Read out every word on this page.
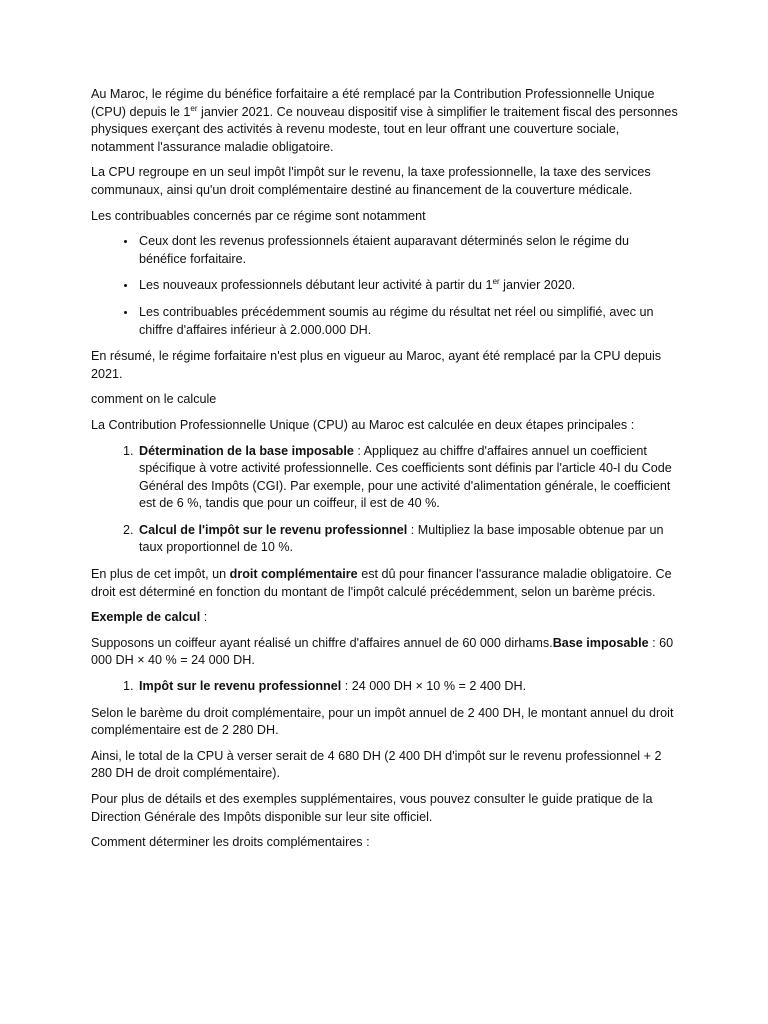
Au Maroc, le régime du bénéfice forfaitaire a été remplacé par la Contribution Professionnelle Unique (CPU) depuis le 1er janvier 2021. Ce nouveau dispositif vise à simplifier le traitement fiscal des personnes physiques exerçant des activités à revenu modeste, tout en leur offrant une couverture sociale, notamment l'assurance maladie obligatoire.

La CPU regroupe en un seul impôt l'impôt sur le revenu, la taxe professionnelle, la taxe des services communaux, ainsi qu'un droit complémentaire destiné au financement de la couverture médicale.

Les contribuables concernés par ce régime sont notamment

• Ceux dont les revenus professionnels étaient auparavant déterminés selon le régime du bénéfice forfaitaire.
• Les nouveaux professionnels débutant leur activité à partir du 1er janvier 2020.
• Les contribuables précédemment soumis au régime du résultat net réel ou simplifié, avec un chiffre d'affaires inférieur à 2.000.000 DH.

En résumé, le régime forfaitaire n'est plus en vigueur au Maroc, ayant été remplacé par la CPU depuis 2021.

comment on le calcule

La Contribution Professionnelle Unique (CPU) au Maroc est calculée en deux étapes principales :

1. Détermination de la base imposable : Appliquez au chiffre d'affaires annuel un coefficient spécifique à votre activité professionnelle. Ces coefficients sont définis par l'article 40-I du Code Général des Impôts (CGI). Par exemple, pour une activité d'alimentation générale, le coefficient est de 6 %, tandis que pour un coiffeur, il est de 40 %.
2. Calcul de l'impôt sur le revenu professionnel : Multipliez la base imposable obtenue par un taux proportionnel de 10 %.

En plus de cet impôt, un droit complémentaire est dû pour financer l'assurance maladie obligatoire. Ce droit est déterminé en fonction du montant de l'impôt calculé précédemment, selon un barème précis.

Exemple de calcul :

Supposons un coiffeur ayant réalisé un chiffre d'affaires annuel de 60 000 dirhams.Base imposable : 60 000 DH × 40 % = 24 000 DH.

1. Impôt sur le revenu professionnel : 24 000 DH × 10 % = 2 400 DH.

Selon le barème du droit complémentaire, pour un impôt annuel de 2 400 DH, le montant annuel du droit complémentaire est de 2 280 DH.

Ainsi, le total de la CPU à verser serait de 4 680 DH (2 400 DH d'impôt sur le revenu professionnel + 2 280 DH de droit complémentaire).

Pour plus de détails et des exemples supplémentaires, vous pouvez consulter le guide pratique de la Direction Générale des Impôts disponible sur leur site officiel.

Comment déterminer les droits complémentaires :
